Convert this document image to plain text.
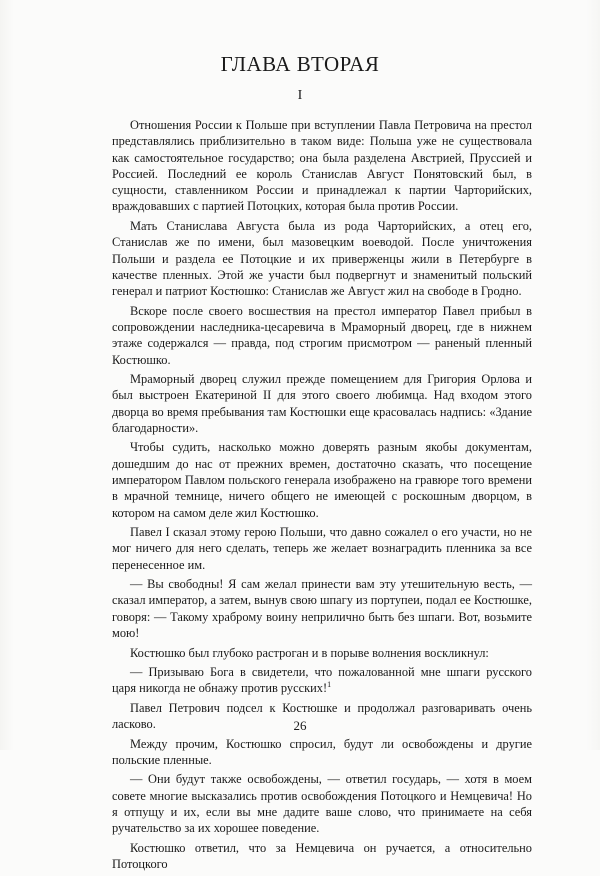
ГЛАВА ВТОРАЯ
I

Отношения России к Польше при вступлении Павла Петровича на престол представлялись приблизительно в таком виде: Польша уже не существовала как самостоятельное государство; она была разделена Австрией, Пруссией и Россией. Последний ее король Станислав Август Понятовский был, в сущности, ставленником России и принадлежал к партии Чарторийских, враждовавших с партией Потоцких, которая была против России.

Мать Станислава Августа была из рода Чарторийских, а отец его, Станислав же по имени, был мазовецким воеводой. После уничтожения Польши и раздела ее Потоцкие и их приверженцы жили в Петербурге в качестве пленных. Этой же участи был подвергнут и знаменитый польский генерал и патриот Костюшко: Станислав же Август жил на свободе в Гродно.

Вскоре после своего восшествия на престол император Павел прибыл в сопровождении наследника-цесаревича в Мраморный дворец, где в нижнем этаже содержался — правда, под строгим присмотром — раненый пленный Костюшко.

Мраморный дворец служил прежде помещением для Григория Орлова и был выстроен Екатериной II для этого своего любимца. Над входом этого дворца во время пребывания там Костюшки еще красовалась надпись: «Здание благодарности».

Чтобы судить, насколько можно доверять разным якобы документам, дошедшим до нас от прежних времен, достаточно сказать, что посещение императором Павлом польского генерала изображено на гравюре того времени в мрачной темнице, ничего общего не имеющей с роскошным дворцом, в котором на самом деле жил Костюшко.

Павел I сказал этому герою Польши, что давно сожалел о его участи, но не мог ничего для него сделать, теперь же желает вознаградить пленника за все перенесенное им.

— Вы свободны! Я сам желал принести вам эту утешительную весть, — сказал император, а затем, вынув свою шпагу из портупеи, подал ее Костюшке, говоря: — Такому храброму воину неприлично быть без шпаги. Вот, возьмите мою!

Костюшко был глубоко растроган и в порыве волнения воскликнул:

— Призываю Бога в свидетели, что пожалованной мне шпаги русского царя никогда не обнажу против русских!$^1$

Павел Петрович подсел к Костюшке и продолжал разговаривать очень ласково.

Между прочим, Костюшко спросил, будут ли освобождены и другие польские пленные.

— Они будут также освобождены, — ответил государь, — хотя в моем совете многие высказались против освобождения Потоцкого и Немцевича! Но я отпущу и их, если вы мне дадите ваше слово, что принимаете на себя ручательство за их хорошее поведение.

Костюшко ответил, что за Немцевича он ручается, а относительно Потоцкого

26
